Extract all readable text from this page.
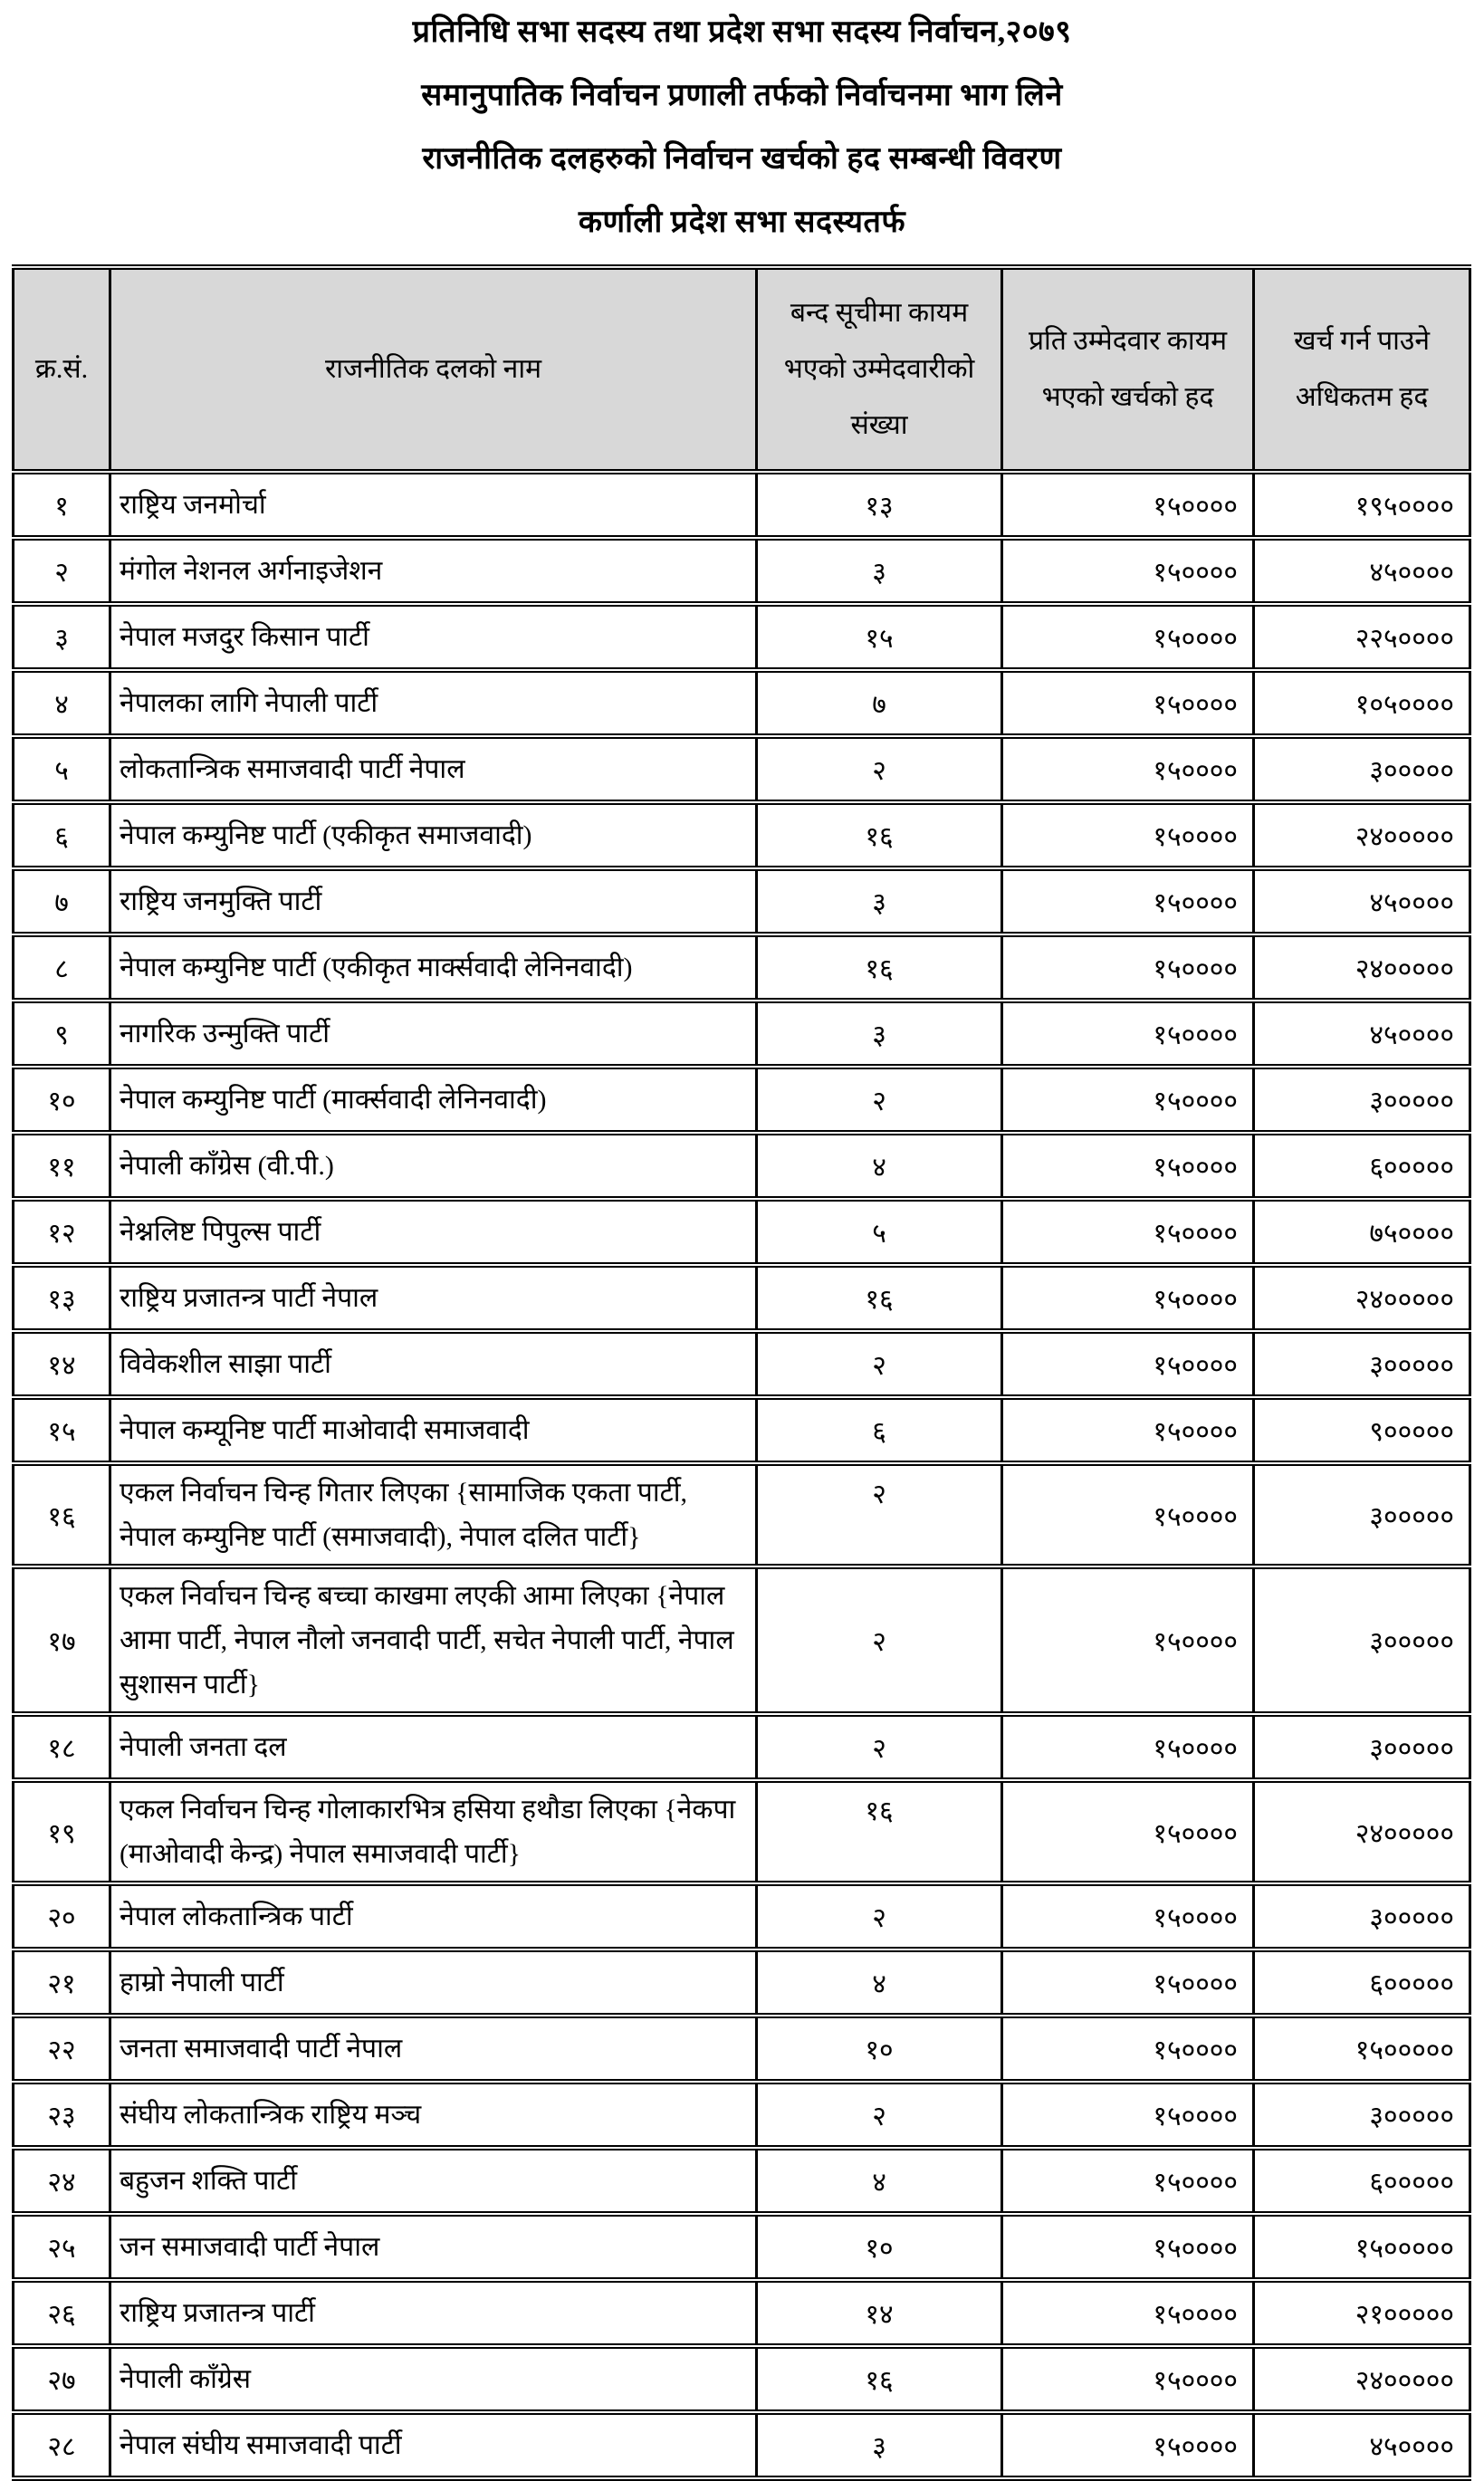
प्रतिनिधि सभा सदस्य तथा प्रदेश सभा सदस्य निर्वाचन,२०७९
समानुपातिक निर्वाचन प्रणाली तर्फको निर्वाचनमा भाग लिने
राजनीतिक दलहरुको निर्वाचन खर्चको हद सम्बन्धी विवरण
कर्णाली प्रदेश सभा सदस्यतर्फ
क्र.सं.	राजनीतिक दलको नाम	बन्द सूचीमा कायम भएको उम्मेदवारीको संख्या	प्रति उम्मेदवार कायम भएको खर्चको हद	खर्च गर्न पाउने अधिकतम हद
१	राष्ट्रिय जनमोर्चा	१३	१५००००	१९५००००
२	मंगोल नेशनल अर्गनाइजेशन	३	१५००००	४५००००
३	नेपाल मजदुर किसान पार्टी	१५	१५००००	२२५००००
४	नेपालका लागि नेपाली पार्टी	७	१५००००	१०५००००
५	लोकतान्त्रिक समाजवादी पार्टी नेपाल	२	१५००००	३०००००
६	नेपाल कम्युनिष्ट पार्टी (एकीकृत समाजवादी)	१६	१५००००	२४०००००
७	राष्ट्रिय जनमुक्ति पार्टी	३	१५००००	४५००००
८	नेपाल कम्युनिष्ट पार्टी (एकीकृत मार्क्सवादी लेनिनवादी)	१६	१५००००	२४०००००
९	नागरिक उन्मुक्ति पार्टी	३	१५००००	४५००००
१०	नेपाल कम्युनिष्ट पार्टी (मार्क्सवादी लेनिनवादी)	२	१५००००	३०००००
११	नेपाली काँग्रेस (वी.पी.)	४	१५००००	६०००००
१२	नेश्नलिष्ट पिपुल्स पार्टी	५	१५००००	७५००००
१३	राष्ट्रिय प्रजातन्त्र पार्टी नेपाल	१६	१५००००	२४०००००
१४	विवेकशील साझा पार्टी	२	१५००००	३०००००
१५	नेपाल कम्यूनिष्ट पार्टी माओवादी समाजवादी	६	१५००००	९०००००
१६	एकल निर्वाचन चिन्ह गितार लिएका {सामाजिक एकता पार्टी, नेपाल कम्युनिष्ट पार्टी (समाजवादी), नेपाल दलित पार्टी}	२	१५००००	३०००००
१७	एकल निर्वाचन चिन्ह बच्चा काखमा लएकी आमा लिएका {नेपाल आमा पार्टी, नेपाल नौलो जनवादी पार्टी, सचेत नेपाली पार्टी, नेपाल सुशासन पार्टी}	२	१५००००	३०००००
१८	नेपाली जनता दल	२	१५००००	३०००००
१९	एकल निर्वाचन चिन्ह गोलाकारभित्र हसिया हथौडा लिएका {नेकपा (माओवादी केन्द्र) नेपाल समाजवादी पार्टी}	१६	१५००००	२४०००००
२०	नेपाल लोकतान्त्रिक पार्टी	२	१५००००	३०००००
२१	हाम्रो नेपाली पार्टी	४	१५००००	६०००००
२२	जनता समाजवादी पार्टी नेपाल	१०	१५००००	१५०००००
२३	संघीय लोकतान्त्रिक राष्ट्रिय मञ्च	२	१५००००	३०००००
२४	बहुजन शक्ति पार्टी	४	१५००००	६०००००
२५	जन समाजवादी पार्टी नेपाल	१०	१५००००	१५०००००
२६	राष्ट्रिय प्रजातन्त्र पार्टी	१४	१५००००	२१०००००
२७	नेपाली काँग्रेस	१६	१५००००	२४०००००
२८	नेपाल संघीय समाजवादी पार्टी	३	१५००००	४५००००
